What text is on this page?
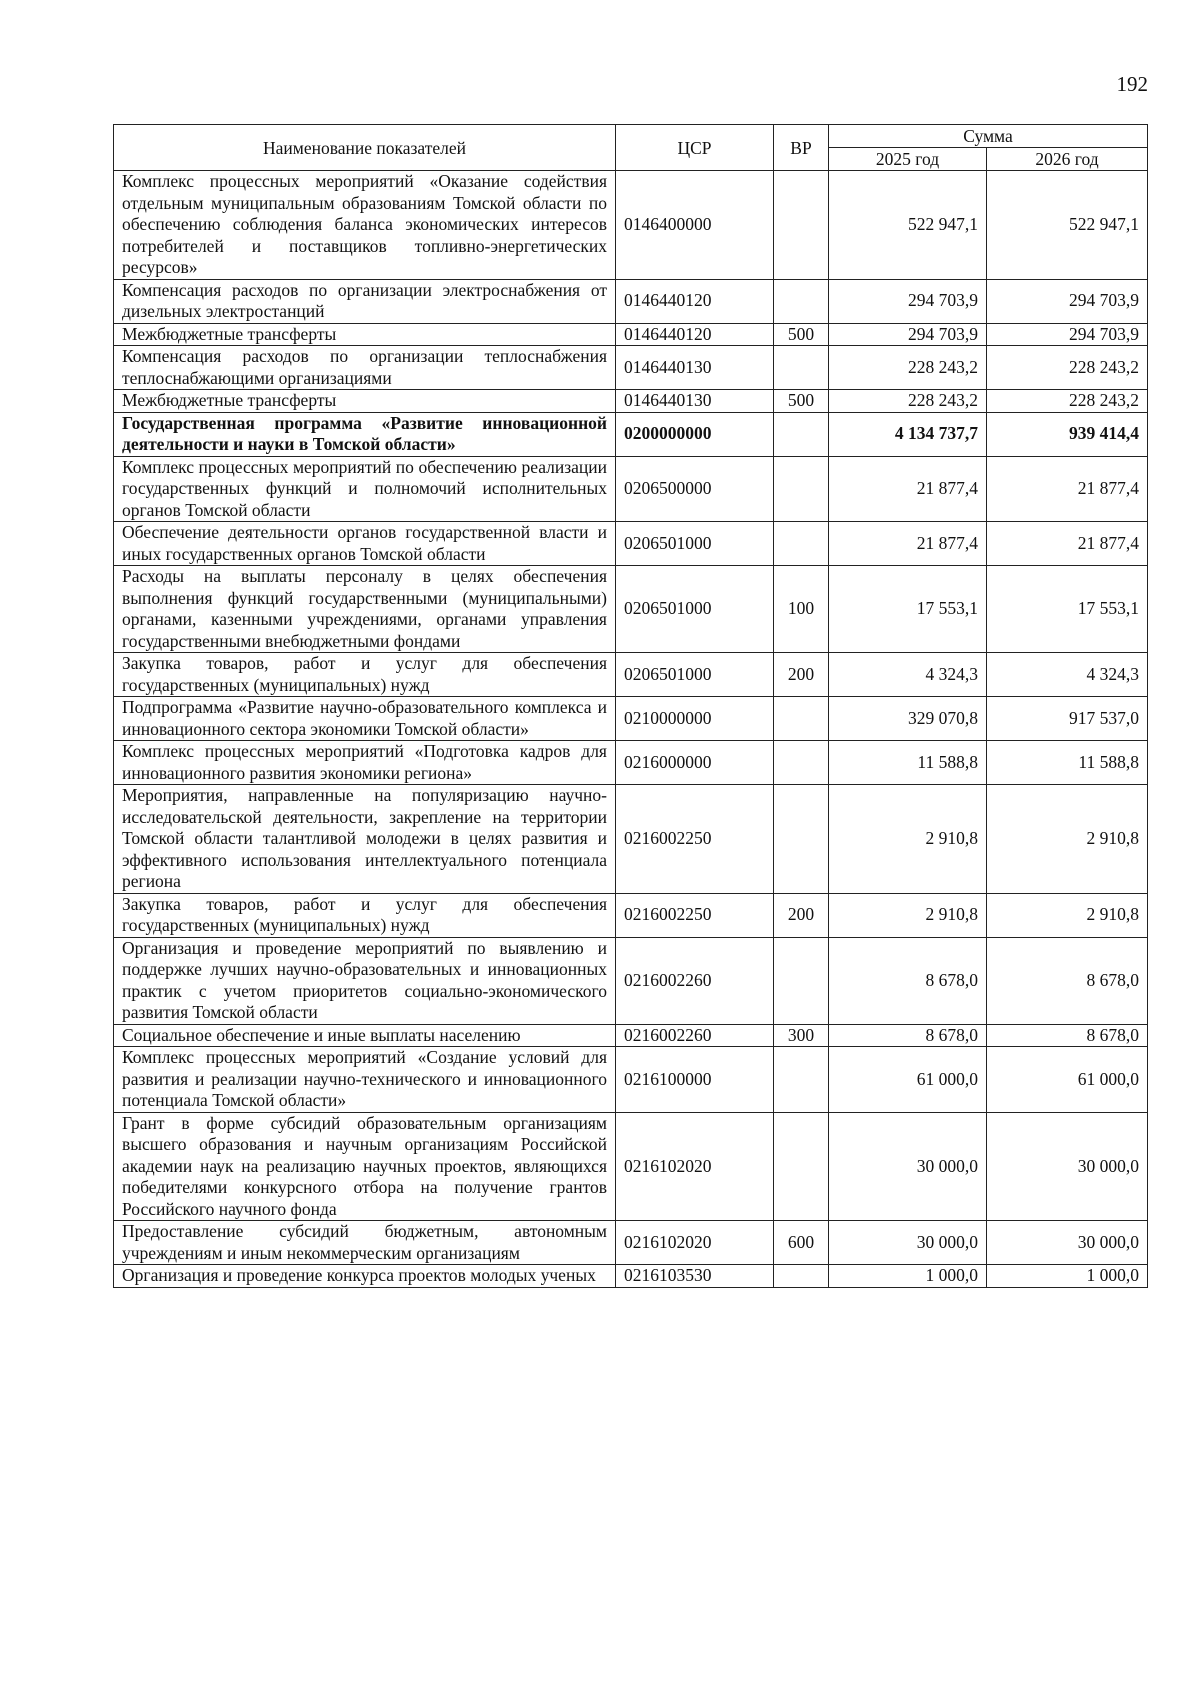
192
Наименование показателей	ЦСР	ВР	Сумма	
			2025 год	2026 год
Комплекс процессных мероприятий «Оказание содействия отдельным муниципальным образованиям Томской области по обеспечению соблюдения баланса экономических интересов потребителей и поставщиков топливно-энергетических ресурсов»	0146400000		522 947,1	522 947,1
Компенсация расходов по организации электроснабжения от дизельных электростанций	0146440120		294 703,9	294 703,9
Межбюджетные трансферты	0146440120	500	294 703,9	294 703,9
Компенсация расходов по организации теплоснабжения теплоснабжающими организациями	0146440130		228 243,2	228 243,2
Межбюджетные трансферты	0146440130	500	228 243,2	228 243,2
Государственная программа «Развитие инновационной деятельности и науки в Томской области»	0200000000		4 134 737,7	939 414,4
Комплекс процессных мероприятий по обеспечению реализации государственных функций и полномочий исполнительных органов Томской области	0206500000		21 877,4	21 877,4
Обеспечение деятельности органов государственной власти и иных государственных органов Томской области	0206501000		21 877,4	21 877,4
Расходы на выплаты персоналу в целях обеспечения выполнения функций государственными (муниципальными) органами, казенными учреждениями, органами управления государственными внебюджетными фондами	0206501000	100	17 553,1	17 553,1
Закупка товаров, работ и услуг для обеспечения государственных (муниципальных) нужд	0206501000	200	4 324,3	4 324,3
Подпрограмма «Развитие научно-образовательного комплекса и инновационного сектора экономики Томской области»	0210000000		329 070,8	917 537,0
Комплекс процессных мероприятий «Подготовка кадров для инновационного развития экономики региона»	0216000000		11 588,8	11 588,8
Мероприятия, направленные на популяризацию научно-исследовательской деятельности, закрепление на территории Томской области талантливой молодежи в целях развития и эффективного использования интеллектуального потенциала региона	0216002250		2 910,8	2 910,8
Закупка товаров, работ и услуг для обеспечения государственных (муниципальных) нужд	0216002250	200	2 910,8	2 910,8
Организация и проведение мероприятий по выявлению и поддержке лучших научно-образовательных и инновационных практик с учетом приоритетов социально-экономического развития Томской области	0216002260		8 678,0	8 678,0
Социальное обеспечение и иные выплаты населению	0216002260	300	8 678,0	8 678,0
Комплекс процессных мероприятий «Создание условий для развития и реализации научно-технического и инновационного потенциала Томской области»	0216100000		61 000,0	61 000,0
Грант в форме субсидий образовательным организациям высшего образования и научным организациям Российской академии наук на реализацию научных проектов, являющихся победителями конкурсного отбора на получение грантов Российского научного фонда	0216102020		30 000,0	30 000,0
Предоставление субсидий бюджетным, автономным учреждениям и иным некоммерческим организациям	0216102020	600	30 000,0	30 000,0
Организация и проведение конкурса проектов молодых ученых	0216103530		1 000,0	1 000,0
